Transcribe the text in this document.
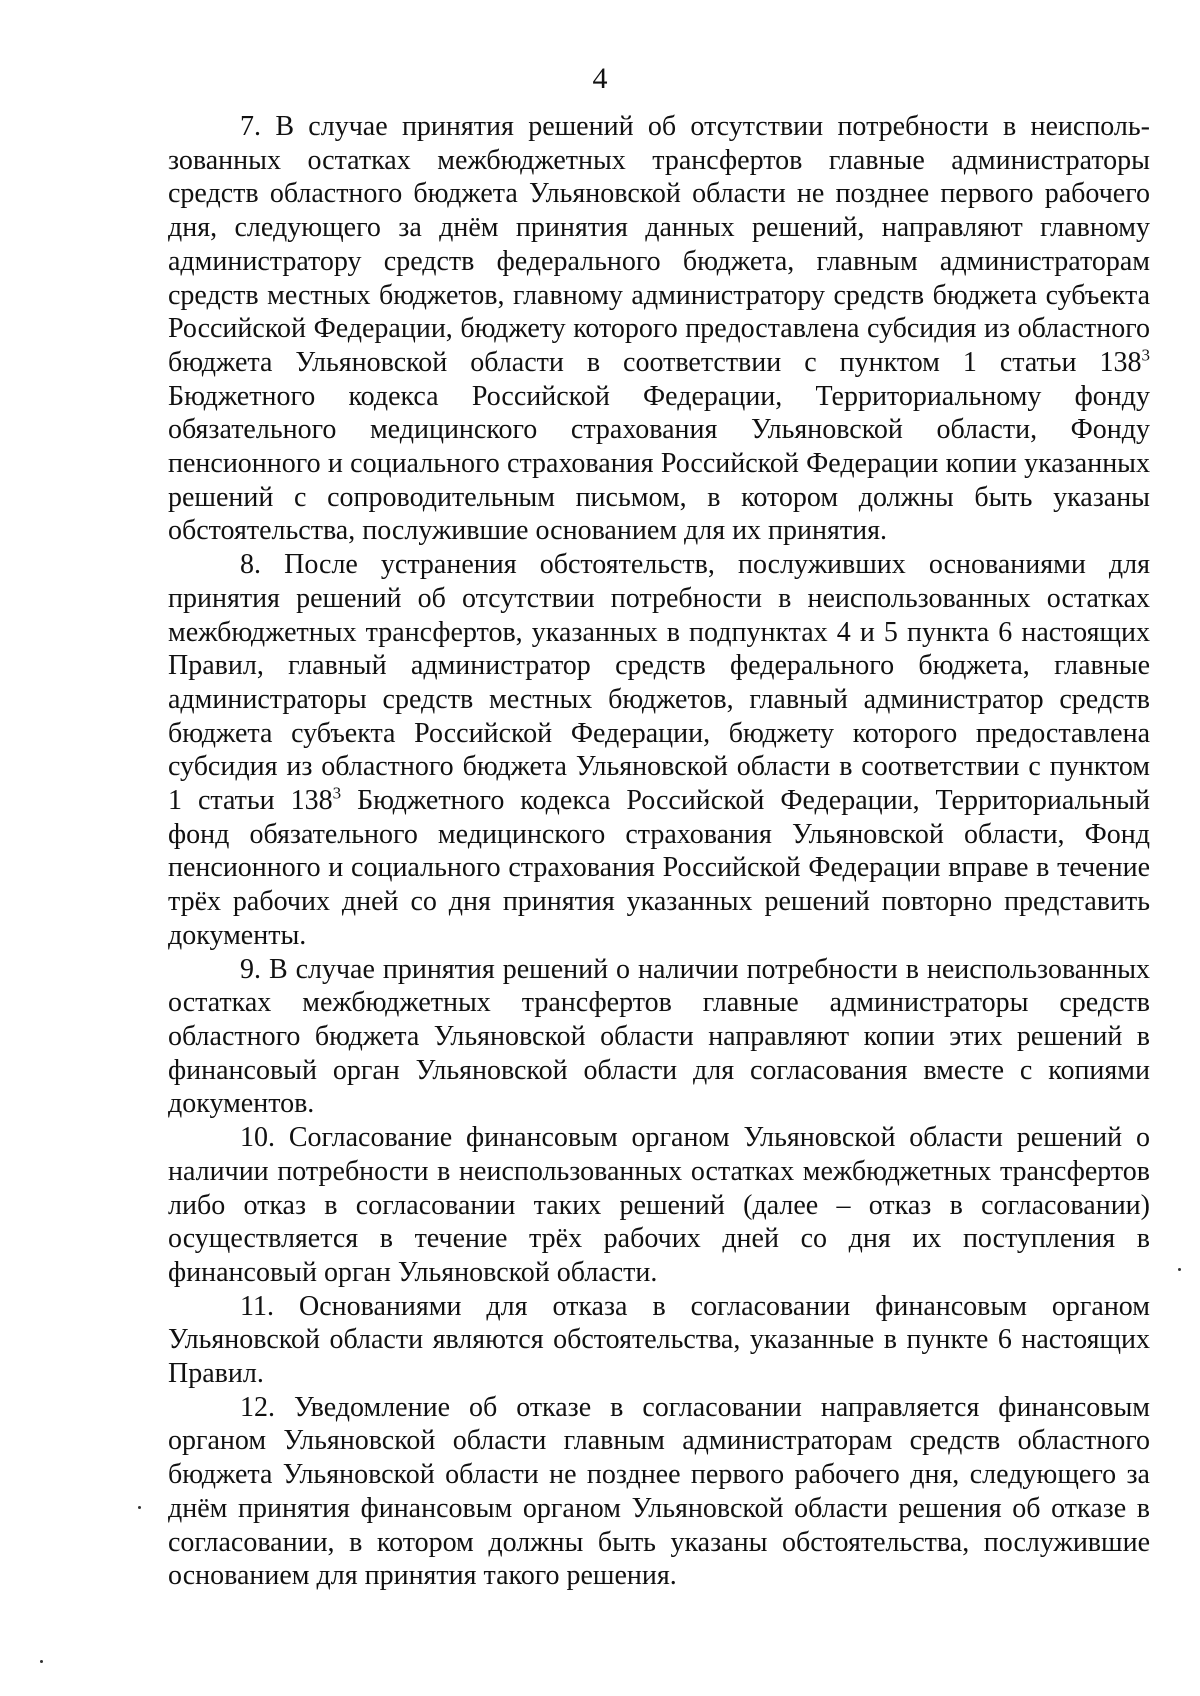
4

7. В случае принятия решений об отсутствии потребности в неиспользованных остатках межбюджетных трансфертов главные администраторы средств областного бюджета Ульяновской области не позднее первого рабочего дня, следующего за днём принятия данных решений, направляют главному администратору средств федерального бюджета, главным администраторам средств местных бюджетов, главному администратору средств бюджета субъекта Российской Федерации, бюджету которого предоставлена субсидия из областного бюджета Ульяновской области в соответствии с пунктом 1 статьи $138^3$ Бюджетного кодекса Российской Федерации, Территориальному фонду обязательного медицинского страхования Ульяновской области, Фонду пенсионного и социального страхования Российской Федерации копии указанных решений с сопроводительным письмом, в котором должны быть указаны обстоятельства, послужившие основанием для их принятия.

8. После устранения обстоятельств, послуживших основаниями для принятия решений об отсутствии потребности в неиспользованных остатках межбюджетных трансфертов, указанных в подпунктах 4 и 5 пункта 6 настоящих Правил, главный администратор средств федерального бюджета, главные администраторы средств местных бюджетов, главный администратор средств бюджета субъекта Российской Федерации, бюджету которого предоставлена субсидия из областного бюджета Ульяновской области в соответствии с пунктом 1 статьи $138^3$ Бюджетного кодекса Российской Федерации, Территориальный фонд обязательного медицинского страхования Ульяновской области, Фонд пенсионного и социального страхования Российской Федерации вправе в течение трёх рабочих дней со дня принятия указанных решений повторно представить документы.

9. В случае принятия решений о наличии потребности в неиспользованных остатках межбюджетных трансфертов главные администраторы средств областного бюджета Ульяновской области направляют копии этих решений в финансовый орган Ульяновской области для согласования вместе с копиями документов.

10. Согласование финансовым органом Ульяновской области решений о наличии потребности в неиспользованных остатках межбюджетных трансфертов либо отказ в согласовании таких решений (далее – отказ в согласовании) осуществляется в течение трёх рабочих дней со дня их поступления в финансовый орган Ульяновской области.

11. Основаниями для отказа в согласовании финансовым органом Ульяновской области являются обстоятельства, указанные в пункте 6 настоящих Правил.

12. Уведомление об отказе в согласовании направляется финансовым органом Ульяновской области главным администраторам средств областного бюджета Ульяновской области не позднее первого рабочего дня, следующего за днём принятия финансовым органом Ульяновской области решения об отказе в согласовании, в котором должны быть указаны обстоятельства, послужившие основанием для принятия такого решения.
